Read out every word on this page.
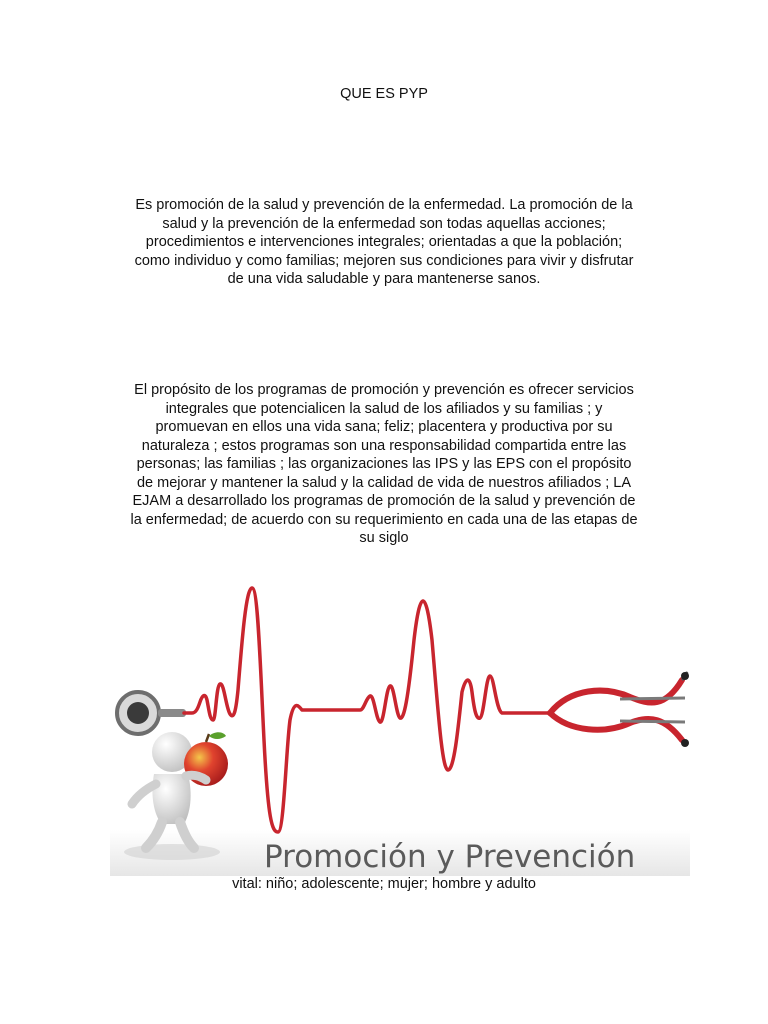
QUE ES PYP
Es promoción de la salud y prevención de la enfermedad. La promoción de la
salud y la prevención de la enfermedad son todas aquellas acciones;
procedimientos e intervenciones integrales; orientadas a que la población;
como individuo y como familias; mejoren sus condiciones para vivir y disfrutar
de una vida saludable y para mantenerse sanos.
El propósito de los programas de promoción y prevención es ofrecer servicios
integrales que potencialicen la salud de los afiliados y su familias ; y
promuevan en ellos una vida sana; feliz; placentera y productiva por su
naturaleza ; estos programas son una responsabilidad compartida entre las
personas; las familias ; las organizaciones las IPS y las EPS con el propósito
de mejorar y mantener la salud y la calidad de vida de nuestros afiliados ; LA
EJAM a desarrollado los programas de promoción de la salud y prevención de
la enfermedad; de acuerdo con su requerimiento en cada una de las etapas de
su siglo
Promoción y Prevención
vital: niño; adolescente; mujer; hombre y adulto
